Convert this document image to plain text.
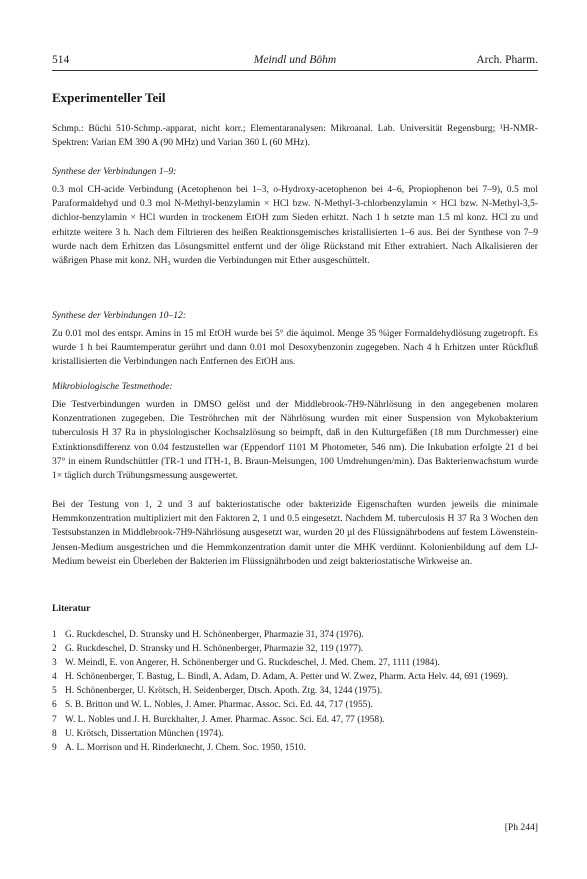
514	Meindl und Böhm	Arch. Pharm.
Experimenteller Teil

Schmp.: Büchi 510-Schmp.-apparat, nicht korr.; Elementaranalysen: Mikroanal. Lab. Universität Regensburg; ¹H-NMR-Spektren: Varian EM 390 A (90 MHz) und Varian 360 L (60 MHz).

Synthese der Verbindungen 1–9:

0.3 mol CH-acide Verbindung (Acetophenon bei 1–3, o-Hydroxy-acetophenon bei 4–6, Propiophenon bei 7–9), 0.5 mol Paraformaldehyd und 0.3 mol N-Methyl-benzylamin × HCl bzw. N-Methyl-3-chlorbenzylamin × HCl bzw. N-Methyl-3,5-dichlor-benzylamin × HCl wurden in trockenem EtOH zum Sieden erhitzt. Nach 1 h setzte man 1.5 ml konz. HCl zu und erhitzte weitere 3 h. Nach dem Filtrieren des heißen Reaktionsgemisches kristallisierten 1–6 aus. Bei der Synthese von 7–9 wurde nach dem Erhitzen das Lösungsmittel entfernt und der ölige Rückstand mit Ether extrahiert. Nach Alkalisieren der wäßrigen Phase mit konz. NH₃ wurden die Verbindungen mit Ether ausgeschüttelt.

Synthese der Verbindungen 10–12:

Zu 0.01 mol des entspr. Amins in 15 ml EtOH wurde bei 5° die äquimol. Menge 35 %iger Formaldehydlösung zugetropft. Es wurde 1 h bei Raumtemperatur gerührt und dann 0.01 mol Desoxybenzonin zugegeben. Nach 4 h Erhitzen unter Rückfluß kristallisierten die Verbindungen nach Entfernen des EtOH aus.

Mikrobiologische Testmethode:

Die Testverbindungen wurden in DMSO gelöst und der Middlebrook-7H9-Nährlösung in den angegebenen molaren Konzentrationen zugegeben. Die Teströhrchen mit der Nährlösung wurden mit einer Suspension von Mykobakterium tuberculosis H 37 Ra in physiologischer Kochsalzlösung so beimpft, daß in den Kulturgefäßen (18 mm Durchmesser) eine Extinktionsdifferenz von 0.04 festzustellen war (Eppendorf 1101 M Photometer, 546 nm). Die Inkubation erfolgte 21 d bei 37° in einem Rundschüttler (TR-1 und ITH-1, B. Braun-Melsungen, 100 Umdrehungen/min). Das Bakterienwachstum wurde 1× täglich durch Trübungsmessung ausgewertet.

Bei der Testung von 1, 2 und 3 auf bakteriostatische oder bakterizide Eigenschaften wurden jeweils die minimale Hemmkonzentration multipliziert mit den Faktoren 2, 1 und 0.5 eingesetzt. Nachdem M. tuberculosis H 37 Ra 3 Wochen den Testsubstanzen in Middlebrook-7H9-Nährlösung ausgesetzt war, wurden 20 µl des Flüssignährbodens auf festem Löwenstein-Jensen-Medium ausgestrichen und die Hemmkonzentration damit unter die MHK verdünnt. Kolonienbildung auf dem LJ-Medium beweist ein Überleben der Bakterien im Flüssignährboden und zeigt bakteriostatische Wirkweise an.

Literatur
1 G. Ruckdeschel, D. Stransky und H. Schönenberger, Pharmazie 31, 374 (1976).
2 G. Ruckdeschel, D. Stransky und H. Schönenberger, Pharmazie 32, 119 (1977).
3 W. Meindl, E. von Angerer, H. Schönenberger und G. Ruckdeschel, J. Med. Chem. 27, 1111 (1984).
4 H. Schönenberger, T. Bastug, L. Bindl, A. Adam, D. Adam, A. Petter und W. Zwez, Pharm. Acta Helv. 44, 691 (1969).
5 H. Schönenberger, U. Krötsch, H. Seidenberger, Dtsch. Apoth. Ztg. 34, 1244 (1975).
6 S. B. Britton und W. L. Nobles, J. Amer. Pharmac. Assoc. Sci. Ed. 44, 717 (1955).
7 W. L. Nobles und J. H. Burckhalter, J. Amer. Pharmac. Assoc. Sci. Ed. 47, 77 (1958).
8 U. Krötsch, Dissertation München (1974).
9 A. L. Morrison und H. Rinderknecht, J. Chem. Soc. 1950, 1510.
[Ph 244]
